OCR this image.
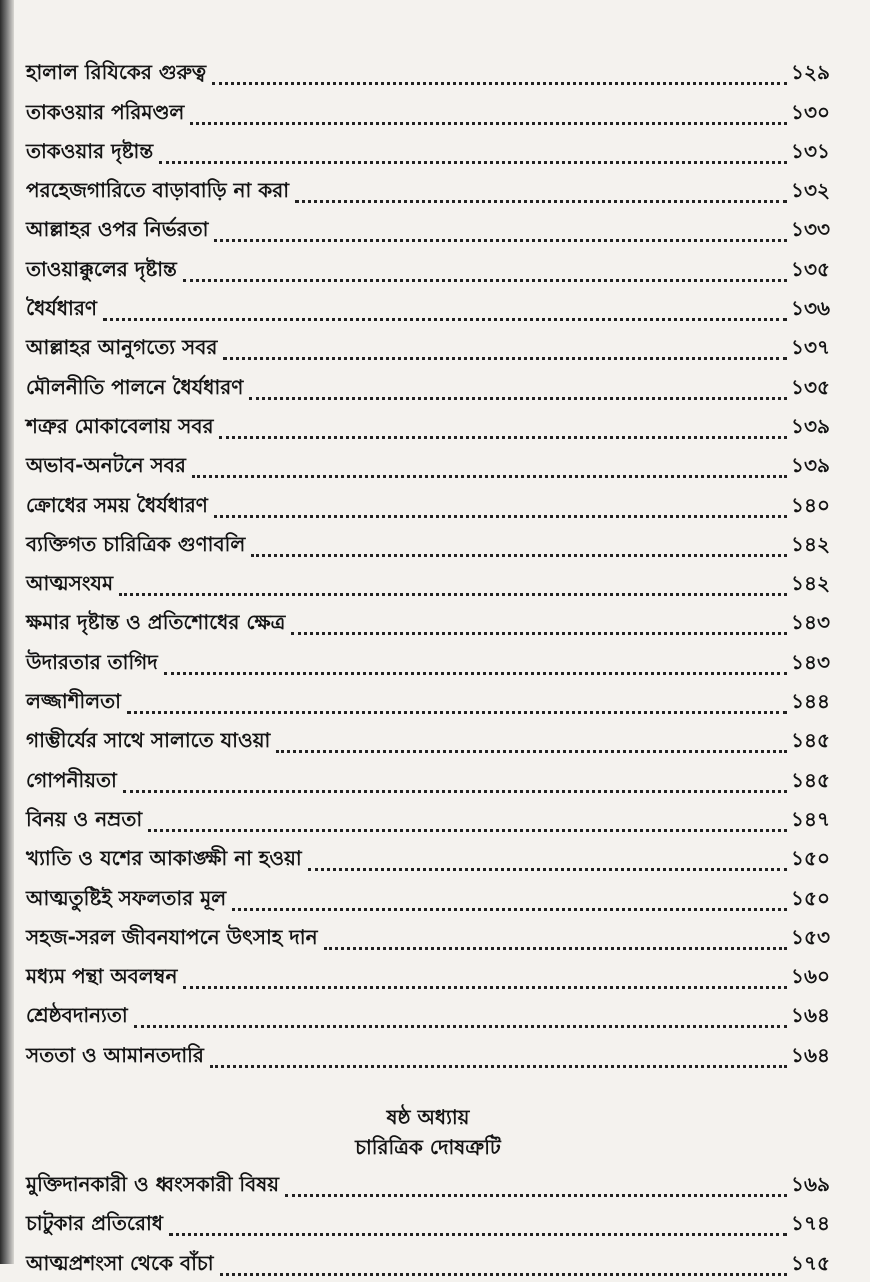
হালাল রিযিকের গুরুত্ব	১২৯
তাকওয়ার পরিমণ্ডল	১৩০
তাকওয়ার দৃষ্টান্ত	১৩১
পরহেজগারিতে বাড়াবাড়ি না করা	১৩২
আল্লাহর ওপর নির্ভরতা	১৩৩
তাওয়াক্কুলের দৃষ্টান্ত	১৩৫
ধৈর্যধারণ	১৩৬
আল্লাহর আনুগত্যে সবর	১৩৭
মৌলনীতি পালনে ধৈর্যধারণ	১৩৫
শত্রুর মোকাবেলায় সবর	১৩৯
অভাব-অনটনে সবর	১৩৯
ক্রোধের সময় ধৈর্যধারণ	১৪০
ব্যক্তিগত চারিত্রিক গুণাবলি	১৪২
আত্মসংযম	১৪২
ক্ষমার দৃষ্টান্ত ও প্রতিশোধের ক্ষেত্র	১৪৩
উদারতার তাগিদ	১৪৩
লজ্জাশীলতা	১৪৪
গাম্ভীর্যের সাথে সালাতে যাওয়া	১৪৫
গোপনীয়তা	১৪৫
বিনয় ও নম্রতা	১৪৭
খ্যাতি ও যশের আকাঙ্ক্ষী না হওয়া	১৫০
আত্মতুষ্টিই সফলতার মূল	১৫০
সহজ-সরল জীবনযাপনে উৎসাহ দান	১৫৩
মধ্যম পন্থা অবলম্বন	১৬০
শ্রেষ্ঠবদান্যতা	১৬৪
সততা ও আমানতদারি	১৬৪
ষষ্ঠ অধ্যায়
চারিত্রিক দোষত্রুটি
মুক্তিদানকারী ও ধ্বংসকারী বিষয়	১৬৯
চাটুকার প্রতিরোধ	১৭৪
আত্মপ্রশংসা থেকে বাঁচা	১৭৫
